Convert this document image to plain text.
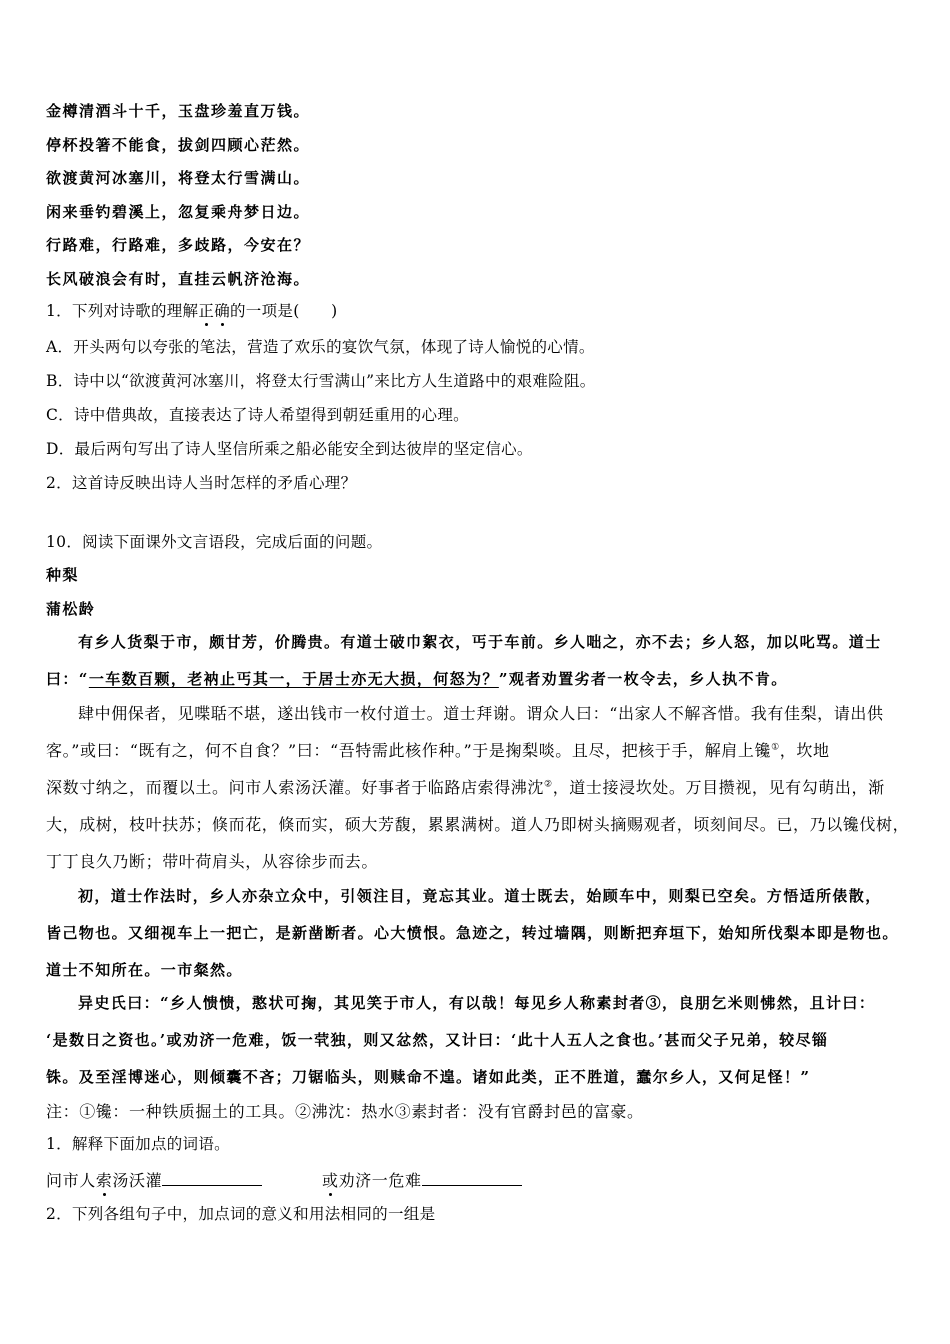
金樽清酒斗十千，玉盘珍羞直万钱。
停杯投箸不能食，拔剑四顾心茫然。
欲渡黄河冰塞川，将登太行雪满山。
闲来垂钓碧溪上，忽复乘舟梦日边。
行路难，行路难，多歧路，今安在？
长风破浪会有时，直挂云帆济沧海。
1．下列对诗歌的理解正确的一项是(　　)
A．开头两句以夸张的笔法，营造了欢乐的宴饮气氛，体现了诗人愉悦的心情。
B．诗中以“欲渡黄河冰塞川，将登太行雪满山”来比方人生道路中的艰难险阻。
C．诗中借典故，直接表达了诗人希望得到朝廷重用的心理。
D．最后两句写出了诗人坚信所乘之船必能安全到达彼岸的坚定信心。
2．这首诗反映出诗人当时怎样的矛盾心理？
10．阅读下面课外文言语段，完成后面的问题。
种梨
蒲松龄
有乡人货梨于市，颇甘芳，价腾贵。有道士破巾絮衣，丐于车前。乡人咄之，亦不去；乡人怒，加以叱骂。道士
曰：“一车数百颗，老衲止丐其一，于居士亦无大损，何怒为？”观者劝置劣者一枚令去，乡人执不肯。
肆中佣保者，见喋聒不堪，遂出钱市一枚付道士。道士拜谢。谓众人曰：“出家人不解吝惜。我有佳梨，请出供
客。”或曰：“既有之，何不自食？”曰：“吾特需此核作种。”于是掬梨啖。且尽，把核于手，解肩上镵①，坎地
深数寸纳之，而覆以土。问市人索汤沃灌。好事者于临路店索得沸沈②，道士接浸坎处。万目攒视，见有勾萌出，渐
大，成树，枝叶扶苏；倏而花，倏而实，硕大芳馥，累累满树。道人乃即树头摘赐观者，顷刻间尽。已，乃以镵伐树，
丁丁良久乃断；带叶荷肩头，从容徐步而去。
初，道士作法时，乡人亦杂立众中，引领注目，竟忘其业。道士既去，始顾车中，则梨已空矣。方悟适所俵散，
皆己物也。又细视车上一把亡，是新凿断者。心大愤恨。急迹之，转过墙隅，则断把弃垣下，始知所伐梨本即是物也。
道士不知所在。一市粲然。
异史氏曰：“乡人愦愦，憨状可掬，其见笑于市人，有以哉！每见乡人称素封者③，良朋乞米则怫然，且计曰：
‘是数日之资也。’或劝济一危难，饭一茕独，则又忿然，又计曰：‘此十人五人之食也。’甚而父子兄弟，较尽锱
铢。及至淫博迷心，则倾囊不吝；刀锯临头，则赎命不遑。诸如此类，正不胜道，蠢尔乡人，又何足怪！”
注：①镵：一种铁质掘土的工具。②沸沈：热水③素封者：没有官爵封邑的富豪。
1．解释下面加点的词语。
问市人索汤沃灌	或劝济一危难
2．下列各组句子中，加点词的意义和用法相同的一组是
